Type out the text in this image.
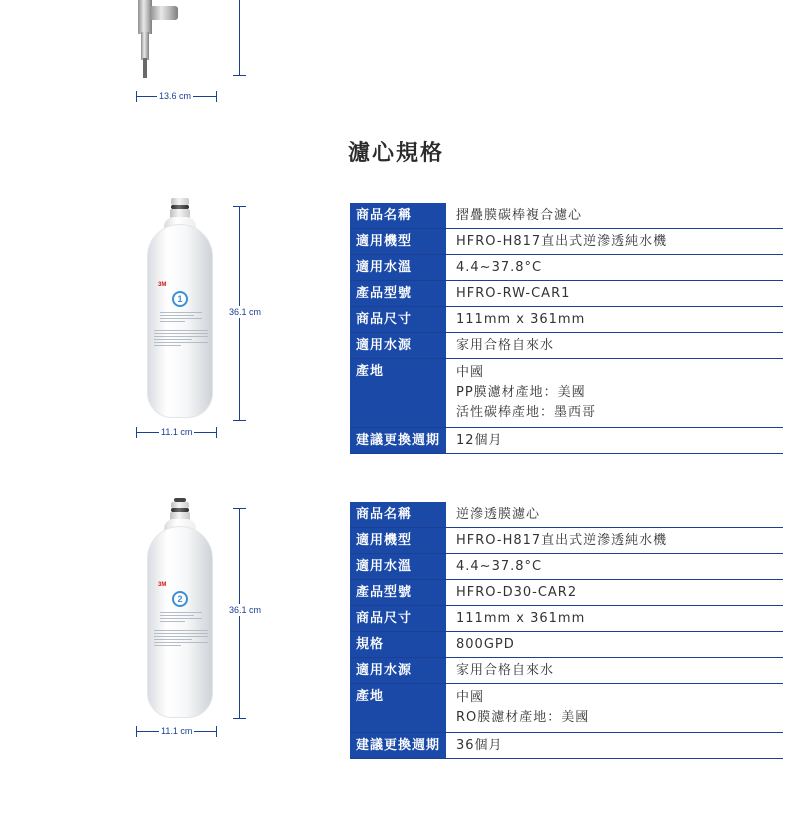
13.6 cm
濾心規格
3M
1
36.1 cm
11.1 cm
商品名稱	摺疊膜碳棒複合濾心
適用機型	HFRO-H817直出式逆滲透純水機
適用水溫	4.4~37.8°C
產品型號	HFRO-RW-CAR1
商品尺寸	111mm x 361mm
適用水源	家用合格自來水
產地	中國
PP膜濾材產地：美國
活性碳棒產地：墨西哥
建議更換週期	12個月
3M
2
36.1 cm
11.1 cm
商品名稱	逆滲透膜濾心
適用機型	HFRO-H817直出式逆滲透純水機
適用水溫	4.4~37.8°C
產品型號	HFRO-D30-CAR2
商品尺寸	111mm x 361mm
規格	800GPD
適用水源	家用合格自來水
產地	中國
RO膜濾材產地：美國
建議更換週期	36個月
